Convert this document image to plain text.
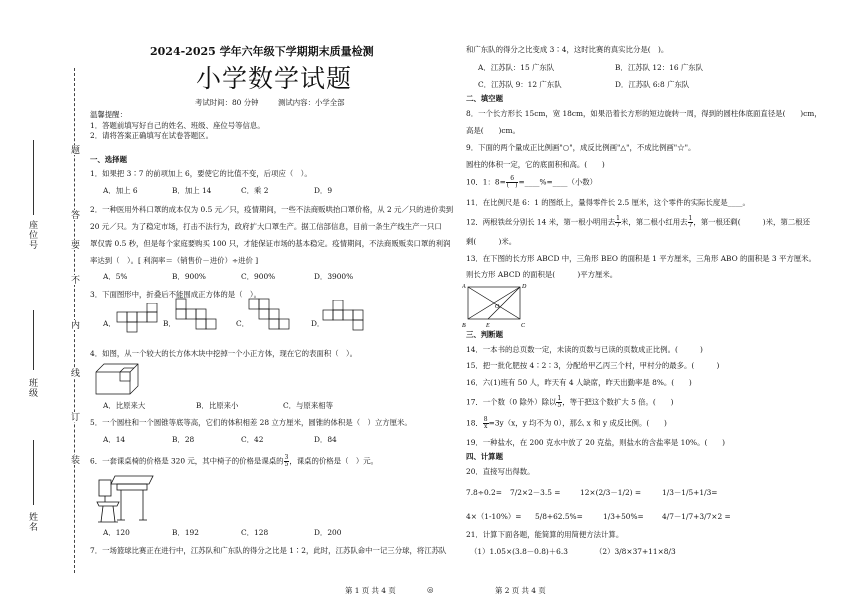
座位号
班级
姓名
题
答
要
不
内
线
订
装
2024-2025 学年六年级下学期期末质量检测
小学数学试题
考试时间：80 分钟	测试内容：小学全部
温馨提醒：
1．答题前填写好自己的姓名、班级、座位号等信息。
2．请将答案正确填写在试卷答题区。
一、选择题
1．如果把 3∶7 的前项加上 6，要使它的比值不变，后项应（　）。
A．加上 6	B．加上 14	C．乘 2	D．9
2．一种医用外科口罩的成本仅为 0.5 元／只，疫情期间，一些不法商贩哄抬口罩价格，从 2 元／只的进价卖到
20 元／只。为了稳定市场，打击不法行为，政府扩大口罩生产。据工信部信息，目前一条生产线生产一只口
罩仅需 0.5 秒，但是每个家庭要购买 100 只，才能保证市场的基本稳定。疫情期间，不法商贩贩卖口罩的利润
率达到（　）。[ 利润率＝（销售价－进价）÷进价 ]
A．5%	B．900%	C．900%	D．3900%
3．下面图形中，折叠后不能围成正方体的是（　）。
A．	B．	C．	D．
4．如图，从一个较大的长方体木块中挖掉一个小正方体，现在它的表面积（　）。
A．比原来大	B．比原来小	C．与原来相等
5．一个圆柱和一个圆锥等底等高，它们的体积相差 28 立方厘米，圆锥的体积是（　）立方厘米。
A．14	B．28	C．42	D．84
6．一套课桌椅的价格是 320 元，其中椅子的价格是课桌的 $\frac{3}{5}$ ，课桌的价格是（　）元。
A．120	B．192	C．128	D．200
7．一场篮球比赛正在进行中，江苏队和广东队的得分之比是 1∶2，此时，江苏队命中一记三分球，将江苏队
和广东队的得分之比变成 3∶4，这时比赛的真实比分是(　)。
A．江苏队：15 广东队	B．江苏队 12：16 广东队
C．江苏队 9：12 广东队	D．江苏队 6:8 广东队
二、填空题
8．一个长方形长 15cm，宽 18cm，如果沿着长方形的短边旋转一周，得到的圆柱体底面直径是(　　)cm，
高是(　　)cm。
9．下面的两个量成正比例画"○"，成反比例画"△"，不成比例画"☆"。
圆柱的体积一定，它的底面积和高。(　　)
10．1：8= 6
(　) =____%=____（小数）
11．在比例尺是 6：1 的图纸上，量得零件长 2.5 厘米，这个零件的实际长度是____。
12．两根铁丝分别长 14 米，第一根小明用去 $\frac{1}{7}$ 米，第二根小红用去 $\frac{1}{7}$ ，第一根还剩(　　　)米，第二根还
剩(　　　)米。
13．在下图的长方形 ABCD 中，三角形 BEO 的面积是 1 平方厘米，三角形 ABO 的面积是 3 平方厘米。
则长方形 ABCD 的面积是(　　　)平方厘米。
A	D
B	E	C
O
三、判断题
14．一本书的总页数一定，未读的页数与已读的页数成正比例。(　　　)
15．把一批化肥按 4∶2∶3，分配给甲乙丙三个村，甲村分的最多。(　　　)
16．六(1)班有 50 人，昨天有 4 人缺席，昨天出勤率是 8%。(　　)
17．一个数（0 除外）除以 $\frac{1}{5}$ ，等于把这个数扩大 5 倍。(　　)
18． $\frac{8}{x} =3y(x$，y 均不为 0），那么 x 和 y 成反比例。(　　)
19．一种盐水，在 200 克水中放了 20 克盐，则盐水的含盐率是 10%。(　　)
四、计算题
20．直接写出得数。
7.8÷0.2= 7/2×2－3.5 =	12×(2/3－1/2) =	1/3－1/5+1/3=
4×（1-10%）= 5/8+62.5%=	1/3+50%= 4/7－1/7+3/7×2 =
21．计算下面各题，能简算的用简便方法计算。
（1）1.05×(3.8－0.8)＋6.3	（2）3/8×37+11×8/3
第 1 页 共 4 页	◎	第 2 页 共 4 页
